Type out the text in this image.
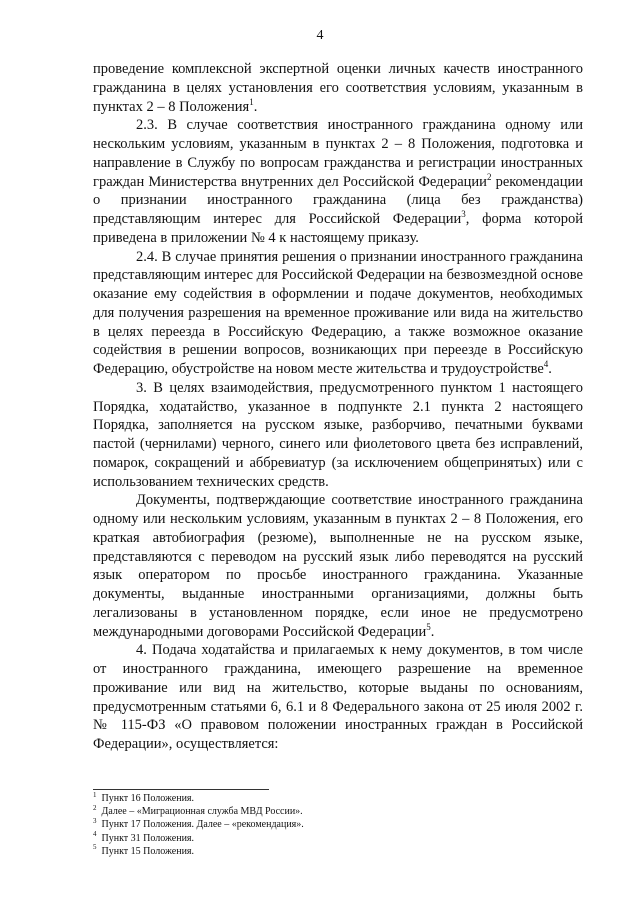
4

проведение комплексной экспертной оценки личных качеств иностранного гражданина в целях установления его соответствия условиям, указанным в пунктах 2 – 8 Положения$^1$.

2.3. В случае соответствия иностранного гражданина одному или нескольким условиям, указанным в пунктах 2 – 8 Положения, подготовка и направление в Службу по вопросам гражданства и регистрации иностранных граждан Министерства внутренних дел Российской Федерации$^2$ рекомендации о признании иностранного гражданина (лица без гражданства) представляющим интерес для Российской Федерации$^3$, форма которой приведена в приложении № 4 к настоящему приказу.

2.4. В случае принятия решения о признании иностранного гражданина представляющим интерес для Российской Федерации на безвозмездной основе оказание ему содействия в оформлении и подаче документов, необходимых для получения разрешения на временное проживание или вида на жительство в целях переезда в Российскую Федерацию, а также возможное оказание содействия в решении вопросов, возникающих при переезде в Российскую Федерацию, обустройстве на новом месте жительства и трудоустройстве$^4$.

3. В целях взаимодействия, предусмотренного пунктом 1 настоящего Порядка, ходатайство, указанное в подпункте 2.1 пункта 2 настоящего Порядка, заполняется на русском языке, разборчиво, печатными буквами пастой (чернилами) черного, синего или фиолетового цвета без исправлений, помарок, сокращений и аббревиатур (за исключением общепринятых) или с использованием технических средств.

Документы, подтверждающие соответствие иностранного гражданина одному или нескольким условиям, указанным в пунктах 2 – 8 Положения, его краткая автобиография (резюме), выполненные не на русском языке, представляются с переводом на русский язык либо переводятся на русский язык оператором по просьбе иностранного гражданина. Указанные документы, выданные иностранными организациями, должны быть легализованы в установленном порядке, если иное не предусмотрено международными договорами Российской Федерации$^5$.

4. Подача ходатайства и прилагаемых к нему документов, в том числе от иностранного гражданина, имеющего разрешение на временное проживание или вид на жительство, которые выданы по основаниям, предусмотренным статьями 6, 6.1 и 8 Федерального закона от 25 июля 2002 г. № 115-ФЗ «О правовом положении иностранных граждан в Российской Федерации», осуществляется:

$^1$ Пункт 16 Положения.
$^2$ Далее – «Миграционная служба МВД России».
$^3$ Пункт 17 Положения. Далее – «рекомендация».
$^4$ Пункт 31 Положения.
$^5$ Пункт 15 Положения.
